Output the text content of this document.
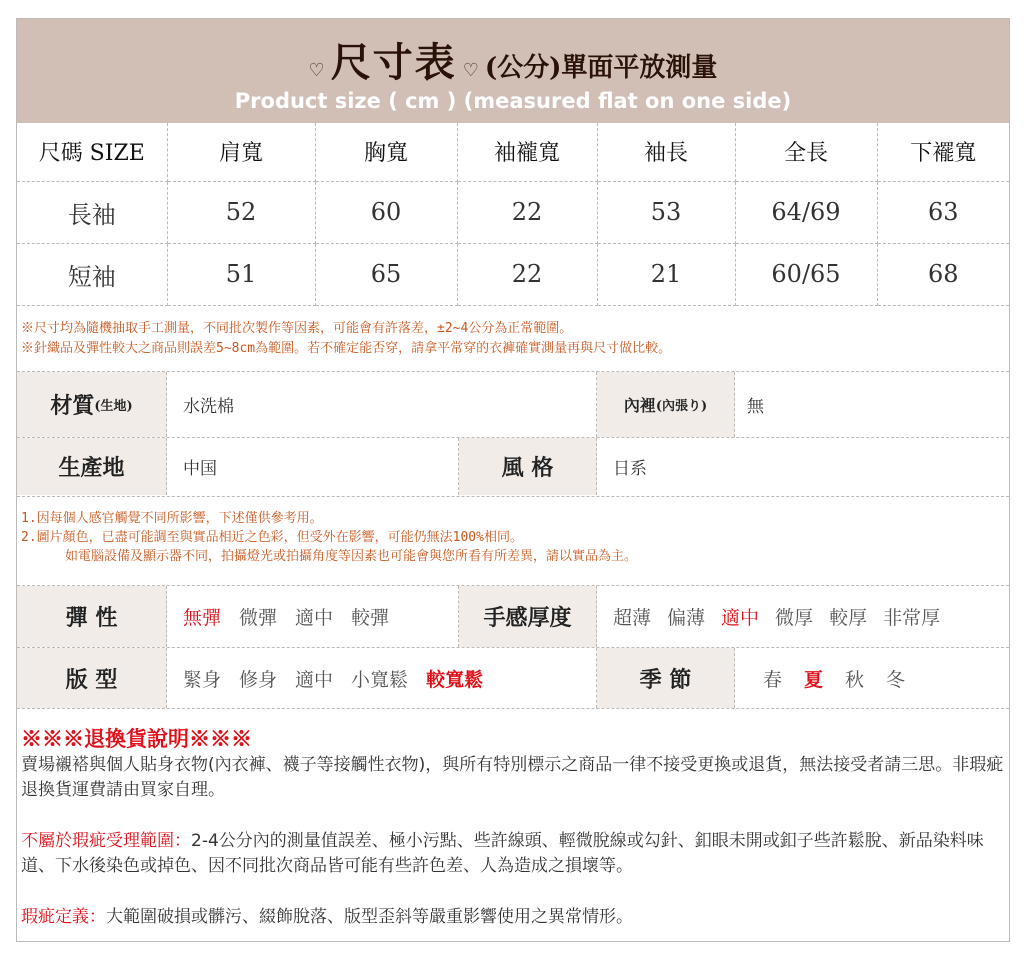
♡ 尺寸表 ♡ (公分)單面平放測量
Product size ( cm ) (measured flat on one side)
尺碼 SIZE	肩寬	胸寬	袖襱寬	袖長	全長	下襬寬
長袖	52	60	22	53	64/69	63
短袖	51	65	22	21	60/65	68
※尺寸均為隨機抽取手工測量，不同批次製作等因素，可能會有許落差，±2~4公分為正常範圍。
※針織品及彈性較大之商品則誤差5~8cm為範圍。若不確定能否穿，請拿平常穿的衣褲確實測量再與尺寸做比較。
材質 (生地)	水洗棉	內裡 (內張り)	無
生產地	中国	風 格	日系
1.因每個人感官觸覺不同所影響，下述僅供參考用。
2.圖片顏色，已盡可能調至與實品相近之色彩，但受外在影響，可能仍無法100%相同。
如電腦設備及顯示器不同，拍攝燈光或拍攝角度等因素也可能會與您所看有所差異，請以實品為主。
彈 性	無彈 微彈 適中 較彈	手感厚度	超薄 偏薄 適中 微厚 較厚 非常厚
版 型	緊身 修身 適中 小寬鬆 較寬鬆	季 節	春 夏 秋 冬
※※※退換貨說明※※※

賣場襯褡與個人貼身衣物(內衣褲、襪子等接觸性衣物)，與所有特別標示之商品一律不接受更換或退貨，無法接受者請三思。非瑕疵退換貨運費請由買家自理。

不屬於瑕疵受理範圍：2-4公分內的測量值誤差、極小污點、些許線頭、輕微脫線或勾針、釦眼未開或釦子些許鬆脫、新品染料味道、下水後染色或掉色、因不同批次商品皆可能有些許色差、人為造成之損壞等。

瑕疵定義：大範圍破損或髒污、綴飾脫落、版型歪斜等嚴重影響使用之異常情形。
